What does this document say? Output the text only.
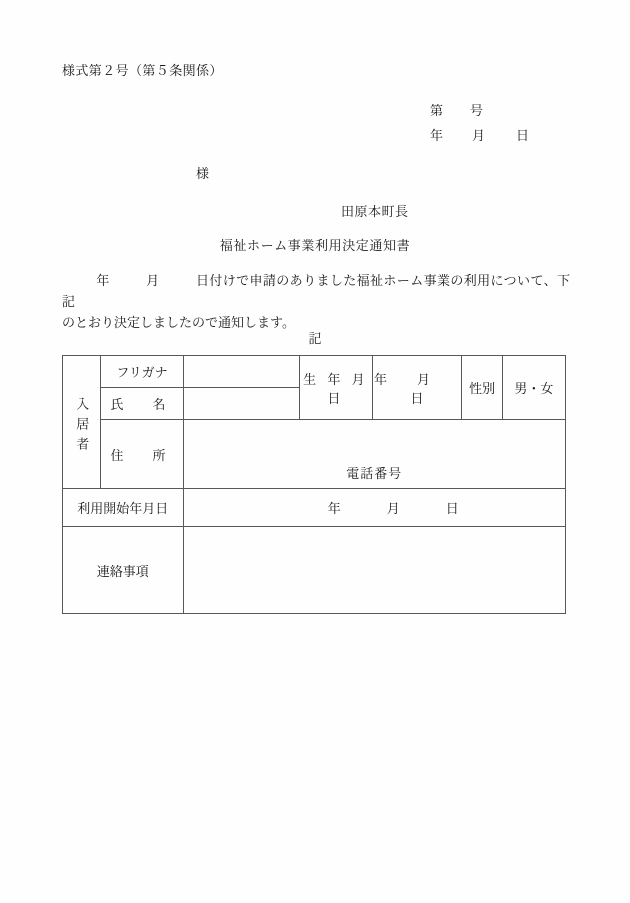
様式第２号（第５条関係）
第	号
年	月	日
様
田原本町長
福祉ホーム事業利用決定通知書
年	月	日付けで申請のありました福祉ホーム事業の利用について、下記
のとおり決定しましたので通知します。
記
入居者	フリガナ		生 年 月 日	年 月日	性別	男・女
	氏　名					
	住　所	電話番号				

利用開始年月日		年 月 日				
連絡事項						
